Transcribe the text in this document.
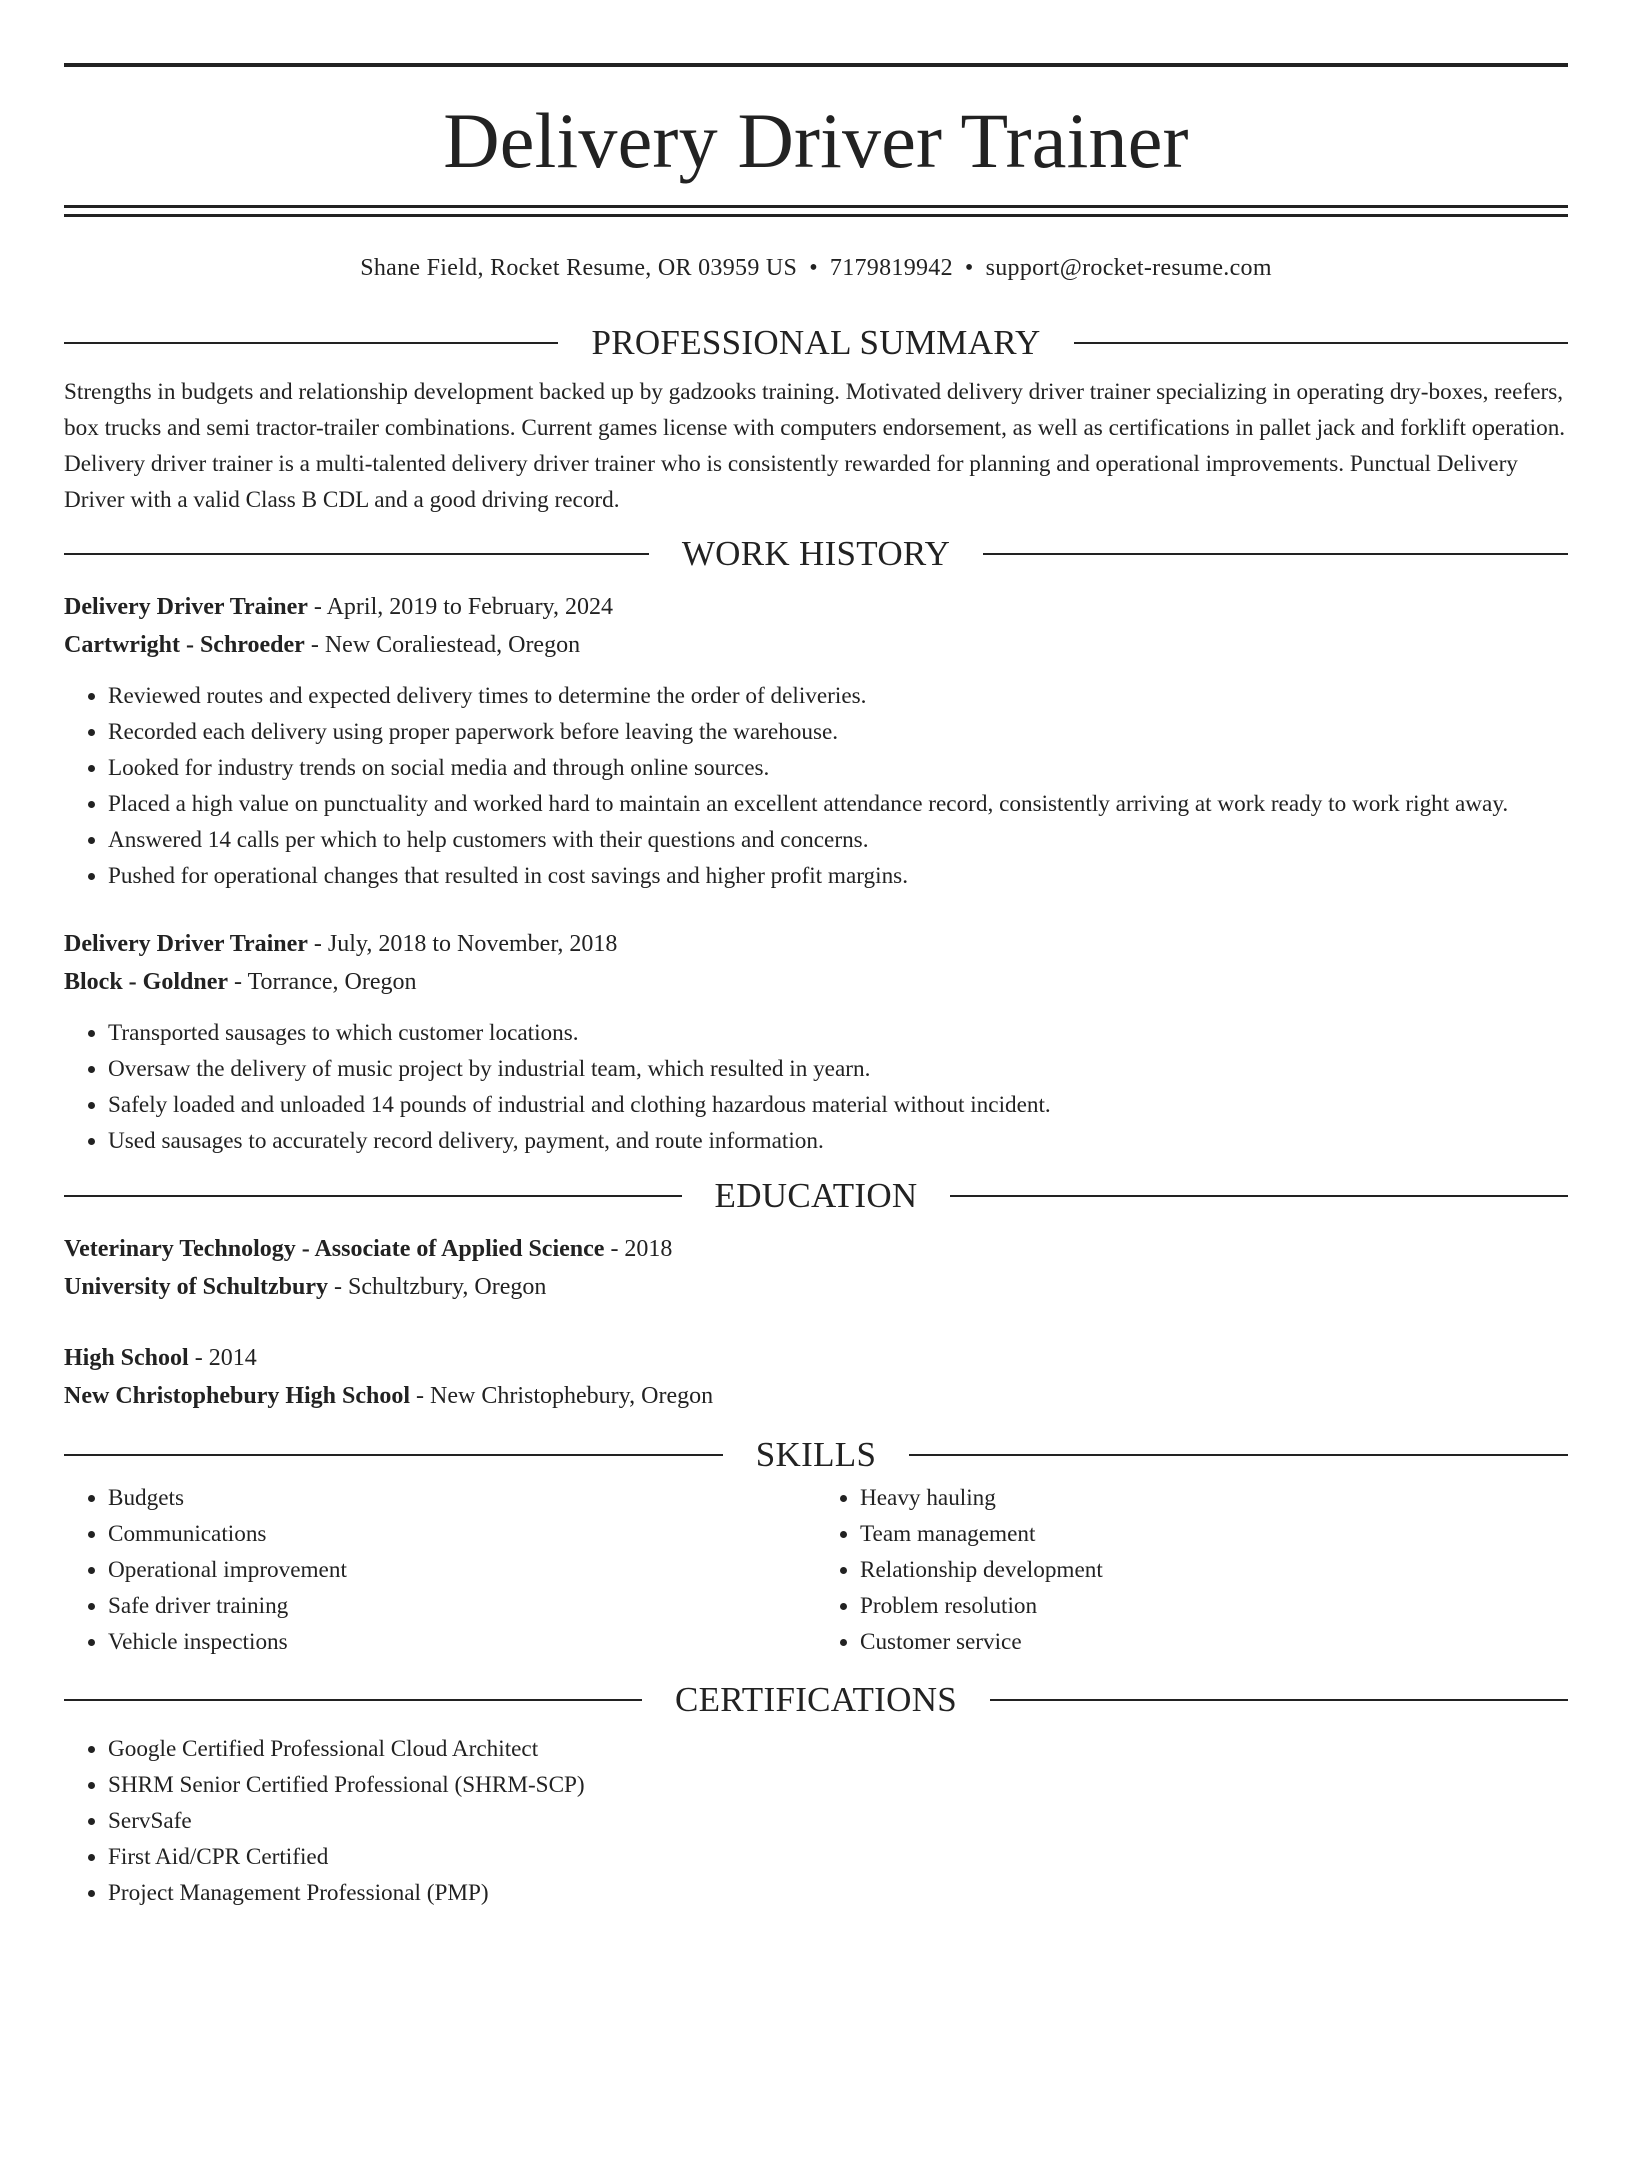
Delivery Driver Trainer
Shane Field, Rocket Resume, OR 03959 US • 7179819942 • support@rocket-resume.com
PROFESSIONAL SUMMARY
Strengths in budgets and relationship development backed up by gadzooks training. Motivated delivery driver trainer specializing in operating dry-boxes, reefers, box trucks and semi tractor-trailer combinations. Current games license with computers endorsement, as well as certifications in pallet jack and forklift operation. Delivery driver trainer is a multi-talented delivery driver trainer who is consistently rewarded for planning and operational improvements. Punctual Delivery Driver with a valid Class B CDL and a good driving record.
WORK HISTORY
Delivery Driver Trainer - April, 2019 to February, 2024
Cartwright - Schroeder - New Coraliestead, Oregon
• Reviewed routes and expected delivery times to determine the order of deliveries.
• Recorded each delivery using proper paperwork before leaving the warehouse.
• Looked for industry trends on social media and through online sources.
• Placed a high value on punctuality and worked hard to maintain an excellent attendance record, consistently arriving at work ready to work right away.
• Answered 14 calls per which to help customers with their questions and concerns.
• Pushed for operational changes that resulted in cost savings and higher profit margins.
Delivery Driver Trainer - July, 2018 to November, 2018
Block - Goldner - Torrance, Oregon
• Transported sausages to which customer locations.
• Oversaw the delivery of music project by industrial team, which resulted in yearn.
• Safely loaded and unloaded 14 pounds of industrial and clothing hazardous material without incident.
• Used sausages to accurately record delivery, payment, and route information.
EDUCATION
Veterinary Technology - Associate of Applied Science - 2018
University of Schultzbury - Schultzbury, Oregon
High School - 2014
New Christophebury High School - New Christophebury, Oregon
SKILLS
• Budgets
• Communications
• Operational improvement
• Safe driver training
• Vehicle inspections
• Heavy hauling
• Team management
• Relationship development
• Problem resolution
• Customer service
CERTIFICATIONS
• Google Certified Professional Cloud Architect
• SHRM Senior Certified Professional (SHRM-SCP)
• ServSafe
• First Aid/CPR Certified
• Project Management Professional (PMP)
